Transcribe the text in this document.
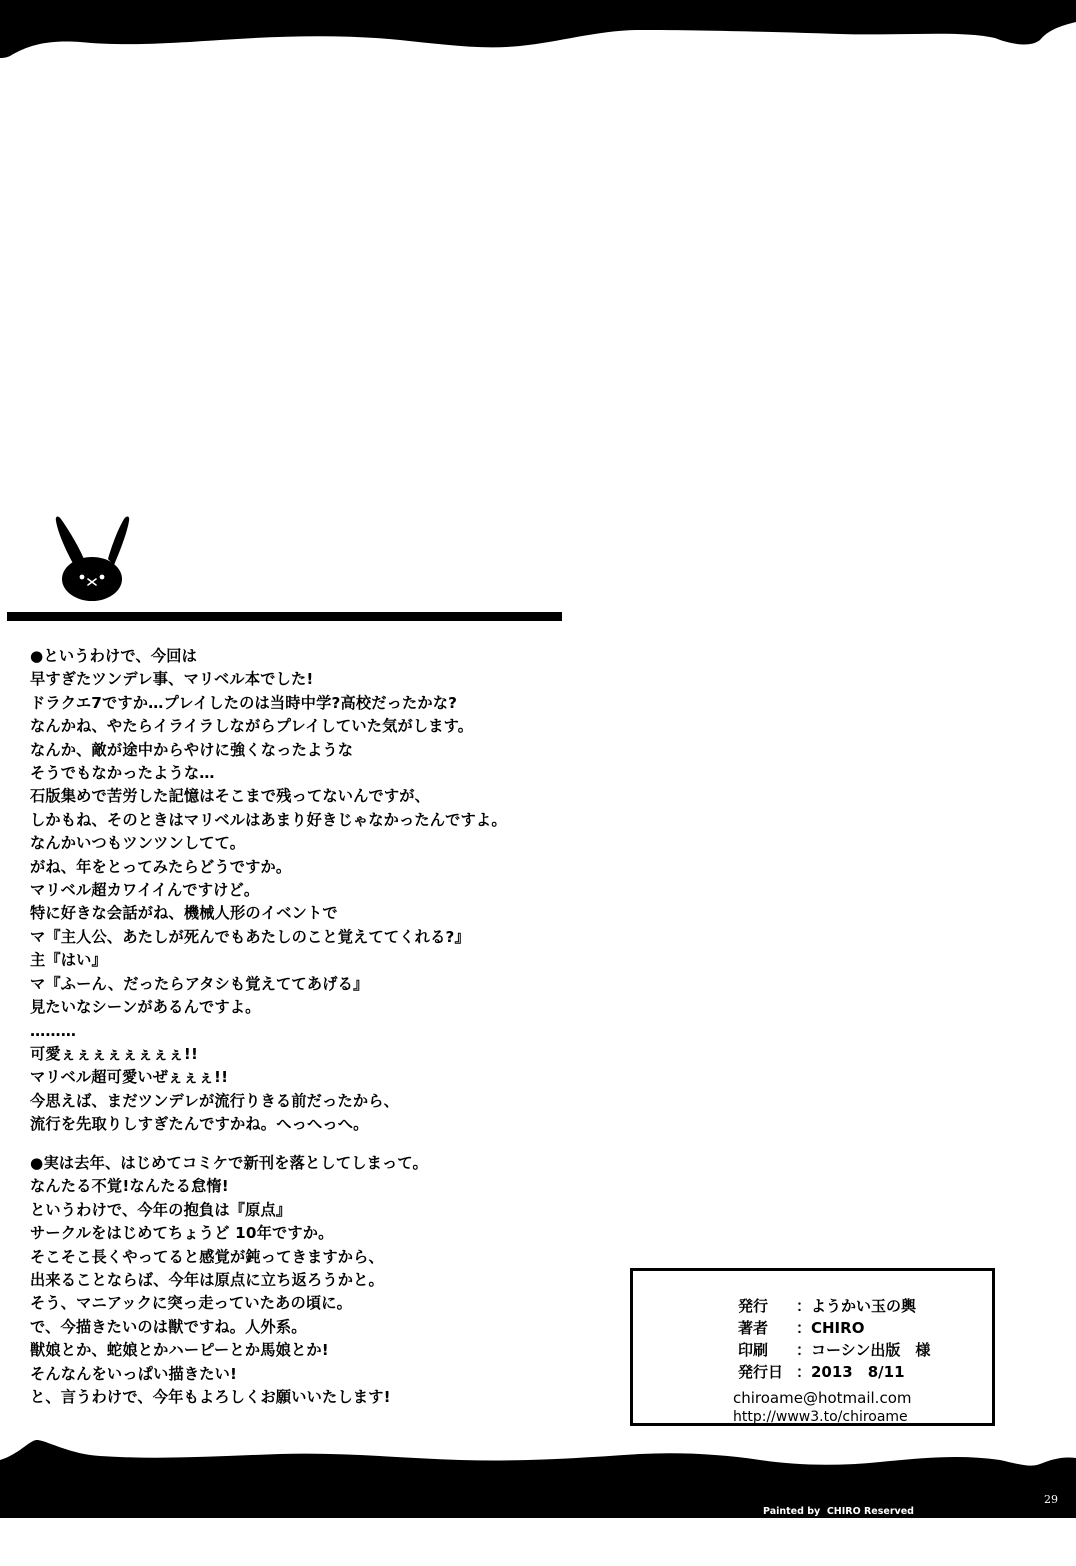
●というわけで、今回は
早すぎたツンデレ事、マリベル本でした!
ドラクエ7ですか…プレイしたのは当時中学?高校だったかな?
なんかね、やたらイライラしながらプレイしていた気がします。
なんか、敵が途中からやけに強くなったような
そうでもなかったような…
石版集めで苦労した記憶はそこまで残ってないんですが、
しかもね、そのときはマリベルはあまり好きじゃなかったんですよ。
なんかいつもツンツンしてて。
がね、年をとってみたらどうですか。
マリベル超カワイイんですけど。
特に好きな会話がね、機械人形のイベントで
マ『主人公、あたしが死んでもあたしのこと覚えててくれる?』
主『はい』
マ『ふーん、だったらアタシも覚えててあげる』
見たいなシーンがあるんですよ。
………
可愛ぇぇぇぇぇぇぇぇ!!
マリベル超可愛いぜぇぇぇ!!
今思えば、まだツンデレが流行りきる前だったから、
流行を先取りしすぎたんですかね。へっへっへ。
●実は去年、はじめてコミケで新刊を落としてしまって。
なんたる不覚!なんたる怠惰!
というわけで、今年の抱負は『原点』
サークルをはじめてちょうど 10年ですか。
そこそこ長くやってると感覚が鈍ってきますから、
出来ることならば、今年は原点に立ち返ろうかと。
そう、マニアックに突っ走っていたあの頃に。
で、今描きたいのは獣ですね。人外系。
獣娘とか、蛇娘とかハーピーとか馬娘とか!
そんなんをいっぱい描きたい!
と、言うわけで、今年もよろしくお願いいたします!
発行 ：ようかい玉の輿
著者 ：CHIRO
印刷 ：コーシン出版　様
発行日 ：2013　8/11
chiroame@hotmail.com
http://www3.to/chiroame

Painted by  CHIRO Reserved

And  Presented  by  youkaitamanokoshi

29
